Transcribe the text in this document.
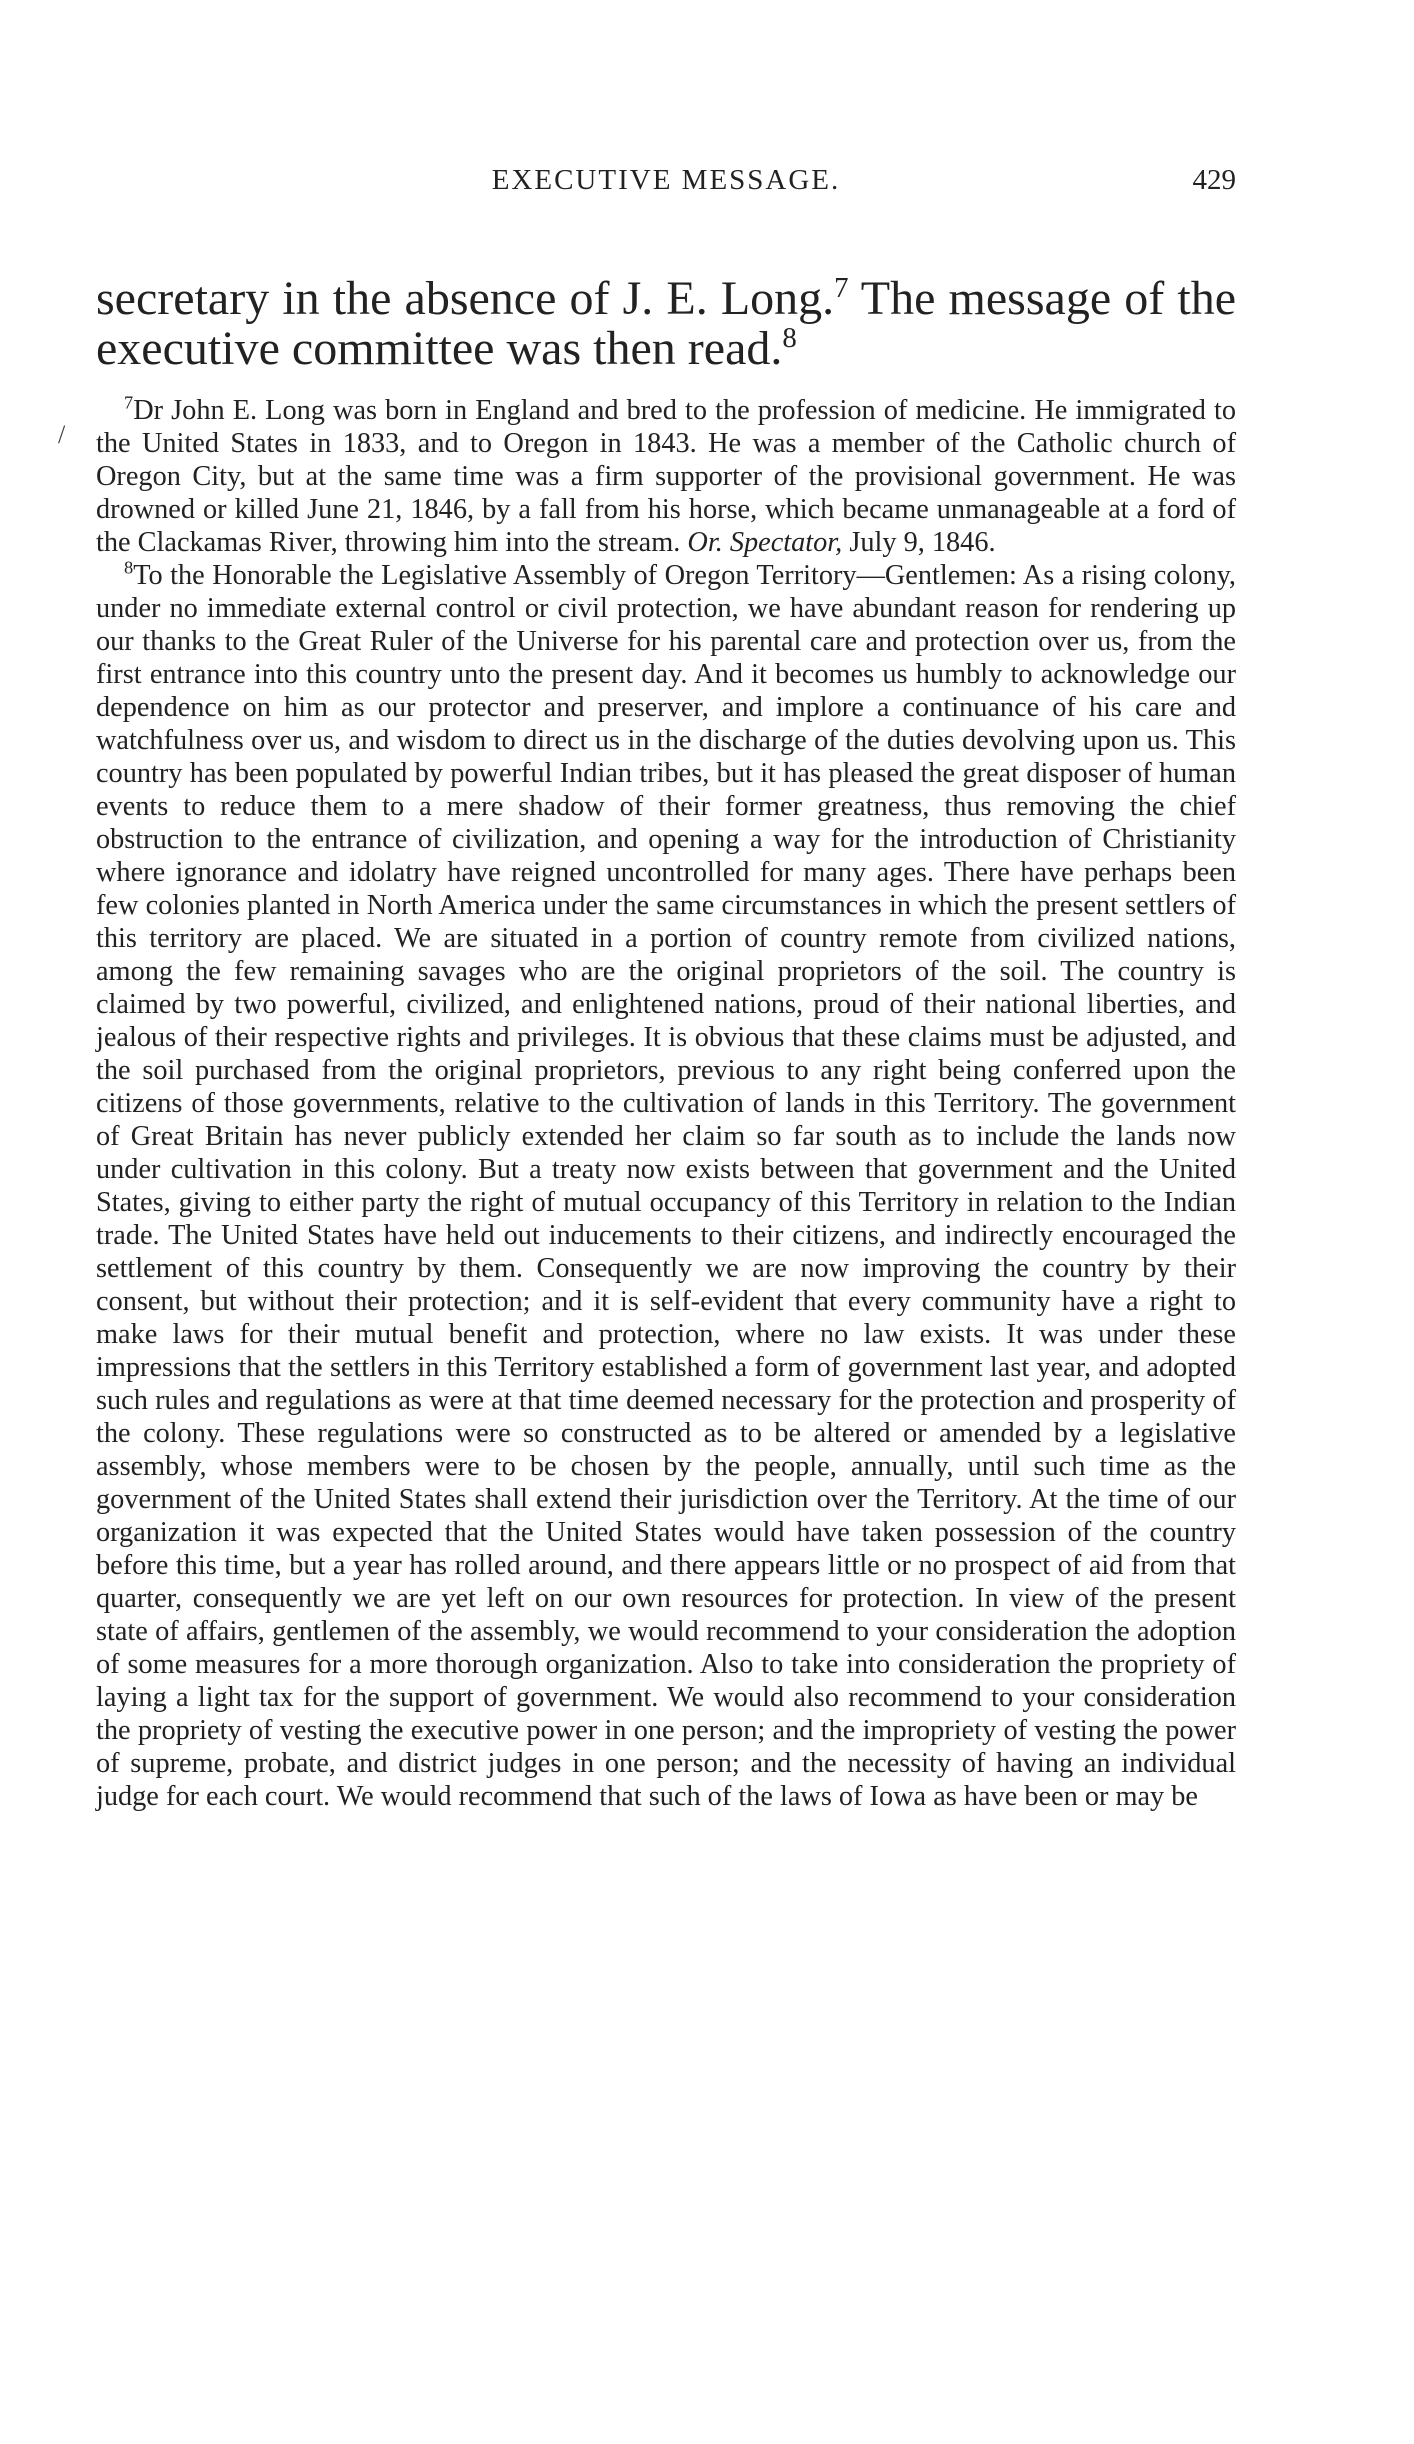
EXECUTIVE MESSAGE.	429
/

secretary in the absence of J. E. Long.$^7$ The message of the executive committee was then read.$^8$

$^7$Dr John E. Long was born in England and bred to the profession of medicine. He immigrated to the United States in 1833, and to Oregon in 1843. He was a member of the Catholic church of Oregon City, but at the same time was a firm supporter of the provisional government. He was drowned or killed June 21, 1846, by a fall from his horse, which became unmanageable at a ford of the Clackamas River, throwing him into the stream. Or. Spectator, July 9, 1846.

$^8$To the Honorable the Legislative Assembly of Oregon Territory—Gentlemen: As a rising colony, under no immediate external control or civil protection, we have abundant reason for rendering up our thanks to the Great Ruler of the Universe for his parental care and protection over us, from the first entrance into this country unto the present day. And it becomes us humbly to acknowledge our dependence on him as our protector and preserver, and implore a continuance of his care and watchfulness over us, and wisdom to direct us in the discharge of the duties devolving upon us. This country has been populated by powerful Indian tribes, but it has pleased the great disposer of human events to reduce them to a mere shadow of their former greatness, thus removing the chief obstruction to the entrance of civilization, and opening a way for the introduction of Christianity where ignorance and idolatry have reigned uncontrolled for many ages. There have perhaps been few colonies planted in North America under the same circumstances in which the present settlers of this territory are placed. We are situated in a portion of country remote from civilized nations, among the few remaining savages who are the original proprietors of the soil. The country is claimed by two powerful, civilized, and enlightened nations, proud of their national liberties, and jealous of their respective rights and privileges. It is obvious that these claims must be adjusted, and the soil purchased from the original proprietors, previous to any right being conferred upon the citizens of those governments, relative to the cultivation of lands in this Territory. The government of Great Britain has never publicly extended her claim so far south as to include the lands now under cultivation in this colony. But a treaty now exists between that government and the United States, giving to either party the right of mutual occupancy of this Territory in relation to the Indian trade. The United States have held out inducements to their citizens, and indirectly encouraged the settlement of this country by them. Consequently we are now improving the country by their consent, but without their protection; and it is self-evident that every community have a right to make laws for their mutual benefit and protection, where no law exists. It was under these impressions that the settlers in this Territory established a form of government last year, and adopted such rules and regulations as were at that time deemed necessary for the protection and prosperity of the colony. These regulations were so constructed as to be altered or amended by a legislative assembly, whose members were to be chosen by the people, annually, until such time as the government of the United States shall extend their jurisdiction over the Territory. At the time of our organization it was expected that the United States would have taken possession of the country before this time, but a year has rolled around, and there appears little or no prospect of aid from that quarter, consequently we are yet left on our own resources for protection. In view of the present state of affairs, gentlemen of the assembly, we would recommend to your consideration the adoption of some measures for a more thorough organization. Also to take into consideration the propriety of laying a light tax for the support of government. We would also recommend to your consideration the propriety of vesting the executive power in one person; and the impropriety of vesting the power of supreme, probate, and district judges in one person; and the necessity of having an individual judge for each court. We would recommend that such of the laws of Iowa as have been or may be
